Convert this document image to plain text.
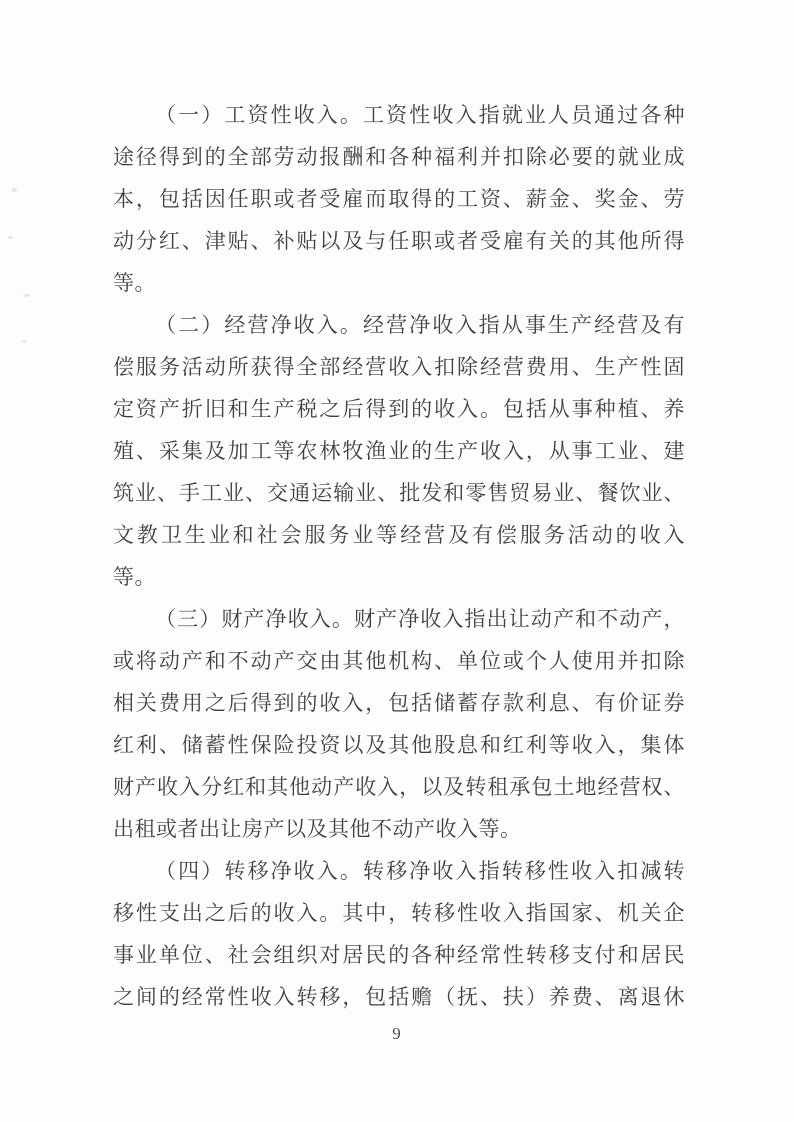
（一）工资性收入。工资性收入指就业人员通过各种
途径得到的全部劳动报酬和各种福利并扣除必要的就业成
本，包括因任职或者受雇而取得的工资、薪金、奖金、劳
动分红、津贴、补贴以及与任职或者受雇有关的其他所得
等。
（二）经营净收入。经营净收入指从事生产经营及有
偿服务活动所获得全部经营收入扣除经营费用、生产性固
定资产折旧和生产税之后得到的收入。包括从事种植、养
殖、采集及加工等农林牧渔业的生产收入，从事工业、建
筑业、手工业、交通运输业、批发和零售贸易业、餐饮业、
文教卫生业和社会服务业等经营及有偿服务活动的收入
等。
（三）财产净收入。财产净收入指出让动产和不动产，
或将动产和不动产交由其他机构、单位或个人使用并扣除
相关费用之后得到的收入，包括储蓄存款利息、有价证券
红利、储蓄性保险投资以及其他股息和红利等收入，集体
财产收入分红和其他动产收入，以及转租承包土地经营权、
出租或者出让房产以及其他不动产收入等。
（四）转移净收入。转移净收入指转移性收入扣减转
移性支出之后的收入。其中，转移性收入指国家、机关企
事业单位、社会组织对居民的各种经常性转移支付和居民
之间的经常性收入转移，包括赡（抚、扶）养费、离退休
9
